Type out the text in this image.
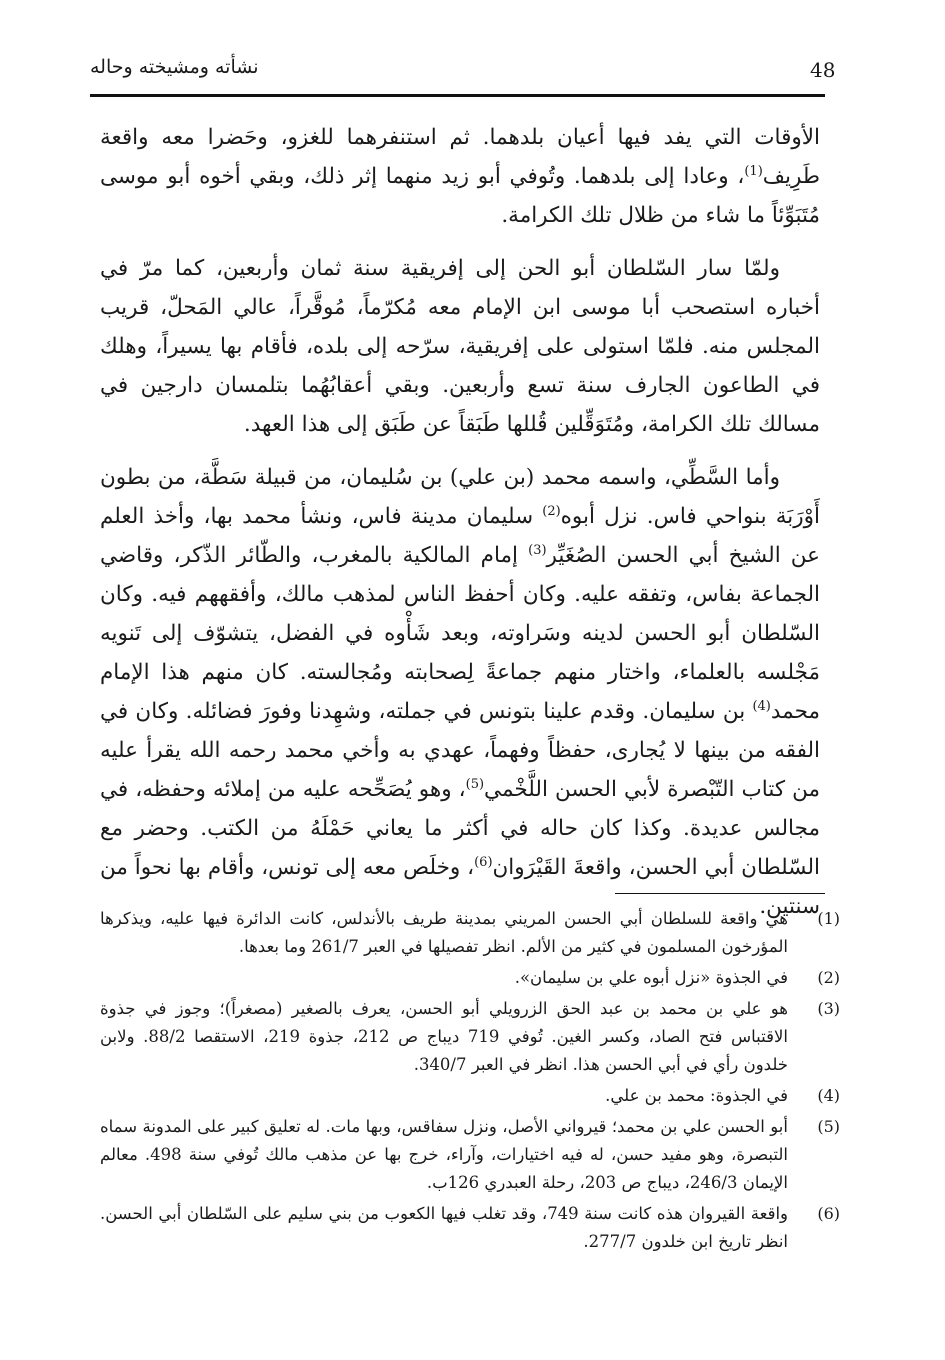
نشأته ومشيخته وحاله	48

الأوقات التي يفد فيها أعيان بلدهما. ثم استنفرهما للغزو، وحَضرا معه واقعة طَرِيف$^{(1)}$، وعادا إلى بلدهما. وتُوفي أبو زيد منهما إثر ذلك، وبقي أخوه أبو موسى مُتَبَوِّئاً ما شاء من ظلال تلك الكرامة.

ولمّا سار السّلطان أبو الحن إلى إفريقية سنة ثمان وأربعين، كما مرّ في أخباره استصحب أبا موسى ابن الإمام معه مُكرّماً، مُوقَّراً، عالي المَحلّ، قريب المجلس منه. فلمّا استولى على إفريقية، سرّحه إلى بلده، فأقام بها يسيراً، وهلك في الطاعون الجارف سنة تسع وأربعين. وبقي أعقابُهُما بتلمسان دارجين في مسالك تلك الكرامة، ومُتَوَقِّلين قُللها طَبَقاً عن طَبَق إلى هذا العهد.

وأما السَّطِّي، واسمه محمد (بن علي) بن سُليمان، من قبيلة سَطَّة، من بطون أَوْرَبَة بنواحي فاس. نزل أبوه$^{(2)}$ سليمان مدينة فاس، ونشأ محمد بها، وأخذ العلم عن الشيخ أبي الحسن الصُغَيِّر$^{(3)}$ إمام المالكية بالمغرب، والطّائر الذّكر، وقاضي الجماعة بفاس، وتفقه عليه. وكان أحفظ الناس لمذهب مالك، وأفقههم فيه. وكان السّلطان أبو الحسن لدينه وسَراوته، وبعد شَأْوه في الفضل، يتشوّف إلى تَنويه مَجْلسه بالعلماء، واختار منهم جماعةً لِصحابته ومُجالسته. كان منهم هذا الإمام محمد$^{(4)}$ بن سليمان. وقدم علينا بتونس في جملته، وشهِدنا وفورَ فضائله. وكان في الفقه من بينها لا يُجارى، حفظاً وفهماً، عهدي به وأخي محمد رحمه الله يقرأ عليه من كتاب التّبْصرة لأبي الحسن اللَّخْمي$^{(5)}$، وهو يُصَحِّحه عليه من إملائه وحفظه، في مجالس عديدة. وكذا كان حاله في أكثر ما يعاني حَمْلَهُ من الكتب. وحضر مع السّلطان أبي الحسن، واقعةَ القَيْرَوان$^{(6)}$، وخلَص معه إلى تونس، وأقام بها نحواً من سنتين.

(1)
هي واقعة للسلطان أبي الحسن المريني بمدينة طريف بالأندلس، كانت الدائرة فيها عليه، ويذكرها المؤرخون المسلمون في كثير من الألم. انظر تفصيلها في العبر 261/7 وما بعدها.
(2)
في الجذوة «نزل أبوه علي بن سليمان».
(3)
هو علي بن محمد بن عبد الحق الزرويلي أبو الحسن، يعرف بالصغير (مصغراً)؛ وجوز في جذوة الاقتباس فتح الصاد، وكسر الغين. تُوفي 719 ديباج ص 212، جذوة 219، الاستقصا 88/2. ولابن خلدون رأي في أبي الحسن هذا. انظر في العبر 340/7.
(4)
في الجذوة: محمد بن علي.
(5)
أبو الحسن علي بن محمد؛ قيرواني الأصل، ونزل سفاقس، وبها مات. له تعليق كبير على المدونة سماه التبصرة، وهو مفيد حسن، له فيه اختيارات، وآراء، خرج بها عن مذهب مالك تُوفي سنة 498. معالم الإيمان 246/3، ديباج ص 203، رحلة العبدري 126ب.
(6)
واقعة القيروان هذه كانت سنة 749، وقد تغلب فيها الكعوب من بني سليم على السّلطان أبي الحسن. انظر تاريخ ابن خلدون 277/7.
